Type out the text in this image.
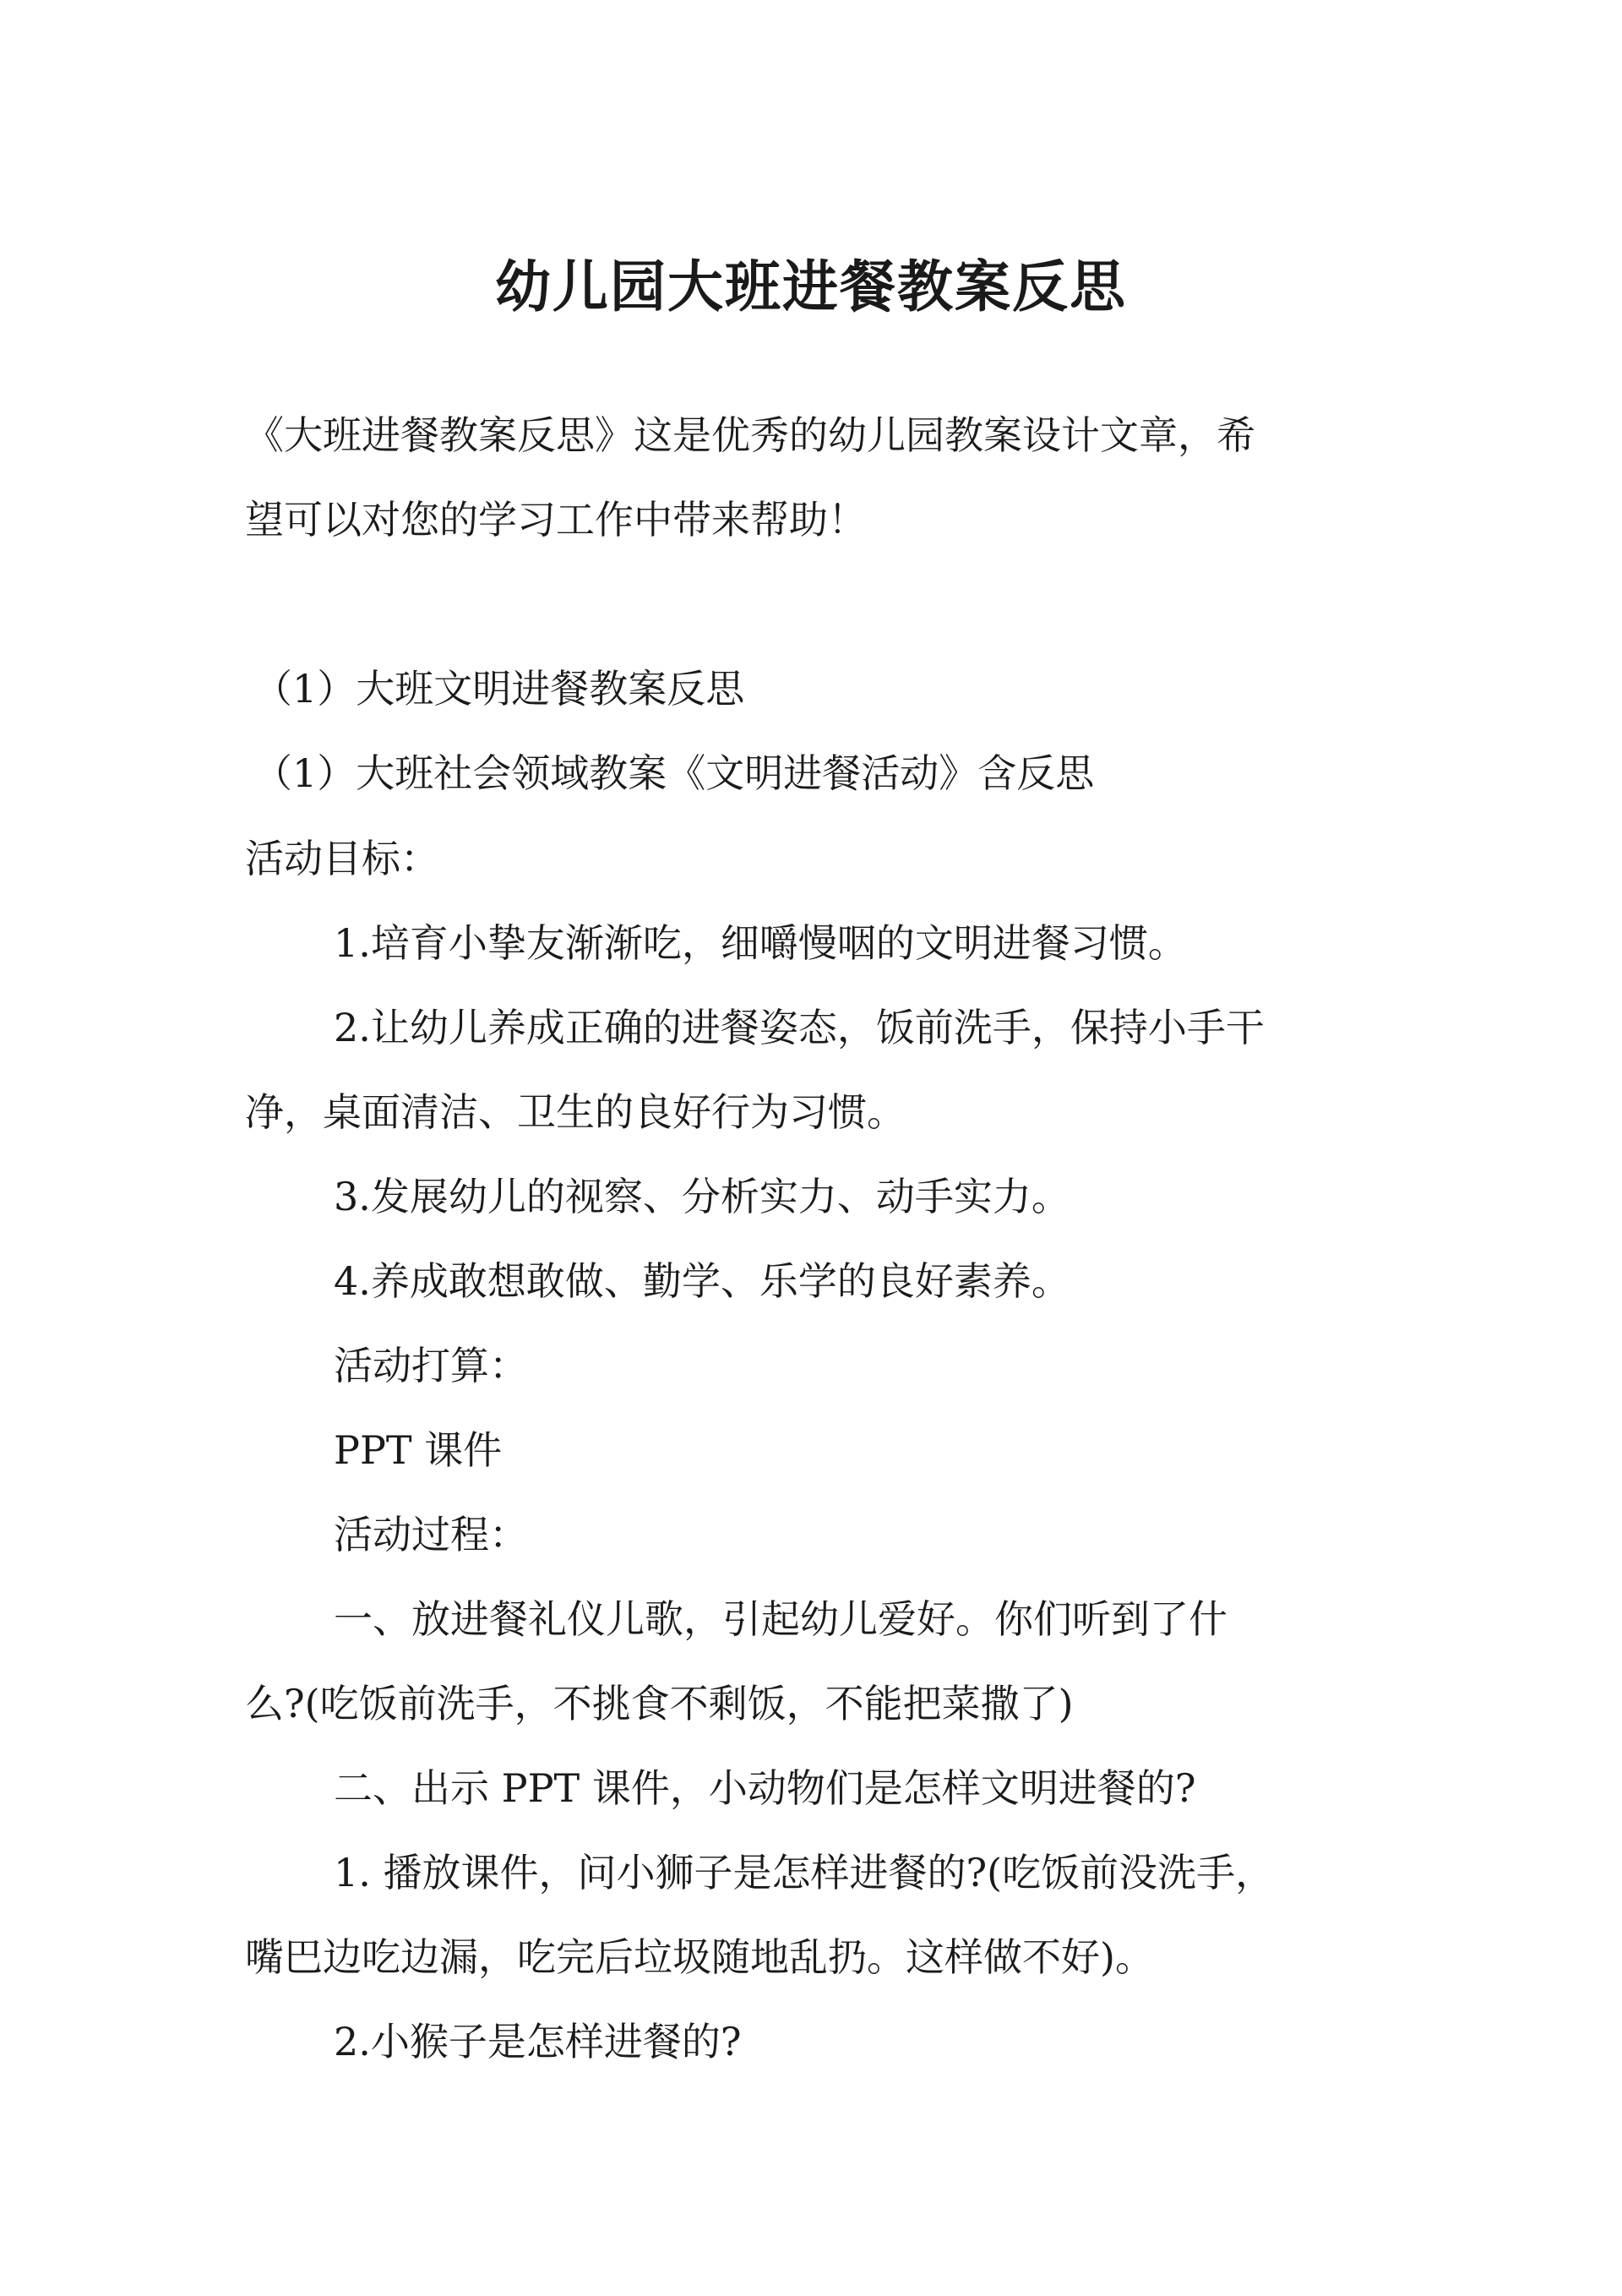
幼儿园大班进餐教案反思
《大班进餐教案反思》这是优秀的幼儿园教案设计文章，希
望可以对您的学习工作中带来帮助！
（1）大班文明进餐教案反思
（1）大班社会领域教案《文明进餐活动》含反思
活动目标：
1.培育小挚友渐渐吃，细嚼慢咽的文明进餐习惯。
2.让幼儿养成正确的进餐姿态，饭前洗手，保持小手干
净，桌面清洁、卫生的良好行为习惯。
3.发展幼儿的视察、分析实力、动手实力。
4.养成敢想敢做、勤学、乐学的良好素养。
活动打算：
PPT 课件
活动过程：
一、放进餐礼仪儿歌，引起幼儿爱好。你们听到了什
么?(吃饭前洗手，不挑食不剩饭，不能把菜撒了)
二、出示 PPT 课件，小动物们是怎样文明进餐的?
1. 播放课件，问小狮子是怎样进餐的?(吃饭前没洗手，
嘴巴边吃边漏，吃完后垃圾随地乱扔。这样做不好)。
2.小猴子是怎样进餐的?
